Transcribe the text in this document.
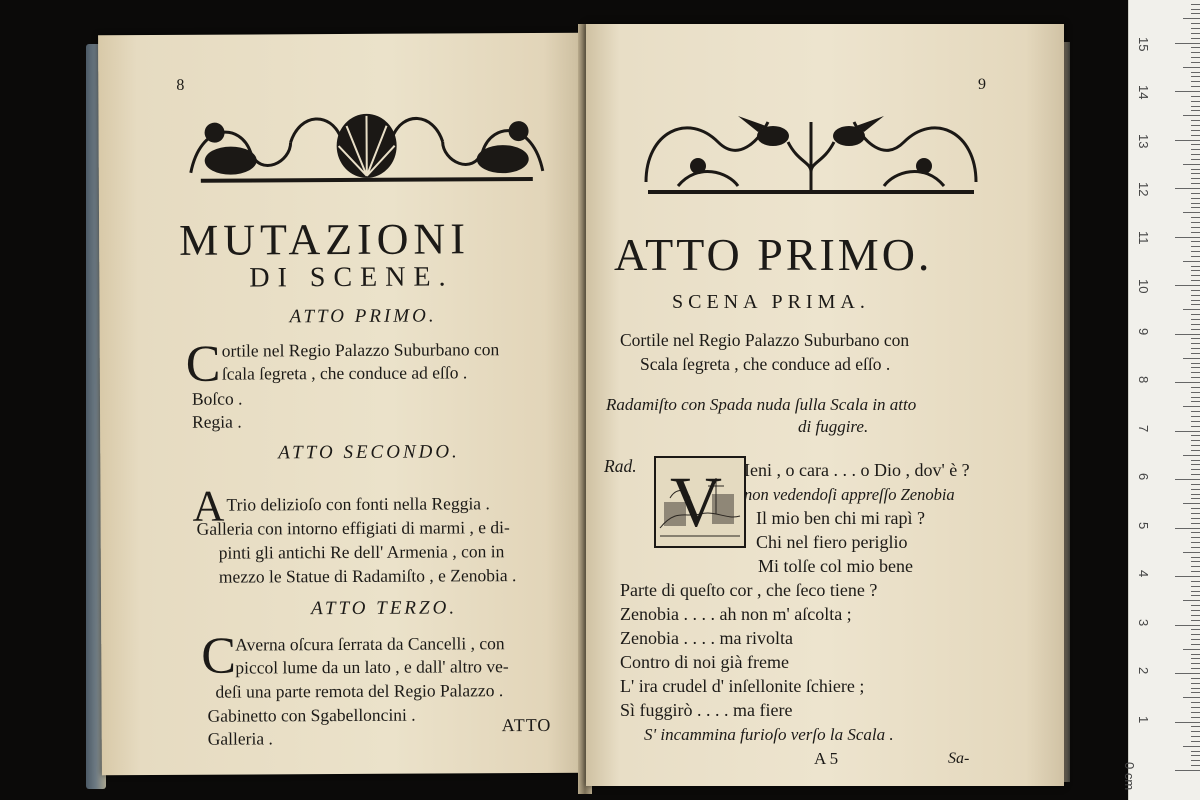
8
MUTAZIONI
DI SCENE.
ATTO PRIMO.
C ortile nel Regio Palazzo Suburbano con
ſcala ſegreta , che conduce ad eſſo .
Boſco .
Regia .
ATTO SECONDO.
A Trio delizioſo con fonti nella Reggia .
Galleria con intorno effigiati di marmi , e di-
pinti gli antichi Re dell' Armenia , con in
mezzo le Statue di Radamiſto , e Zenobia .
ATTO TERZO.
C Averna oſcura ſerrata da Cancelli , con
piccol lume da un lato , e dall' altro ve-
deſi una parte remota del Regio Palazzo .
Gabinetto con Sgabelloncini .
Galleria .
ATTO
9
ATTO PRIMO.
SCENA PRIMA.
Cortile nel Regio Palazzo Suburbano con
Scala ſegreta , che conduce ad eſſo .
Radamiſto con Spada nuda ſulla Scala in atto
di fuggire.
Rad. V Ieni , o cara . . . o Dio , dov' è ?
non vedendoſi appreſſo Zenobia
Il mio ben chi mi rapì ?
Chi nel fiero periglio
Mi tolſe col mio bene
Parte di queſto cor , che ſeco tiene ?
Zenobia . . . . ah non m' aſcolta ;
Zenobia . . . . ma rivolta
Contro di noi già freme
L' ira crudel d' inſellonite ſchiere ;
Sì fuggirò . . . . ma fiere
S' incammina furioſo verſo la Scala .
A 5	Sa-
0 cm
1
2
3
4
5
6
7
8
9
10
11
12
13
14
15
